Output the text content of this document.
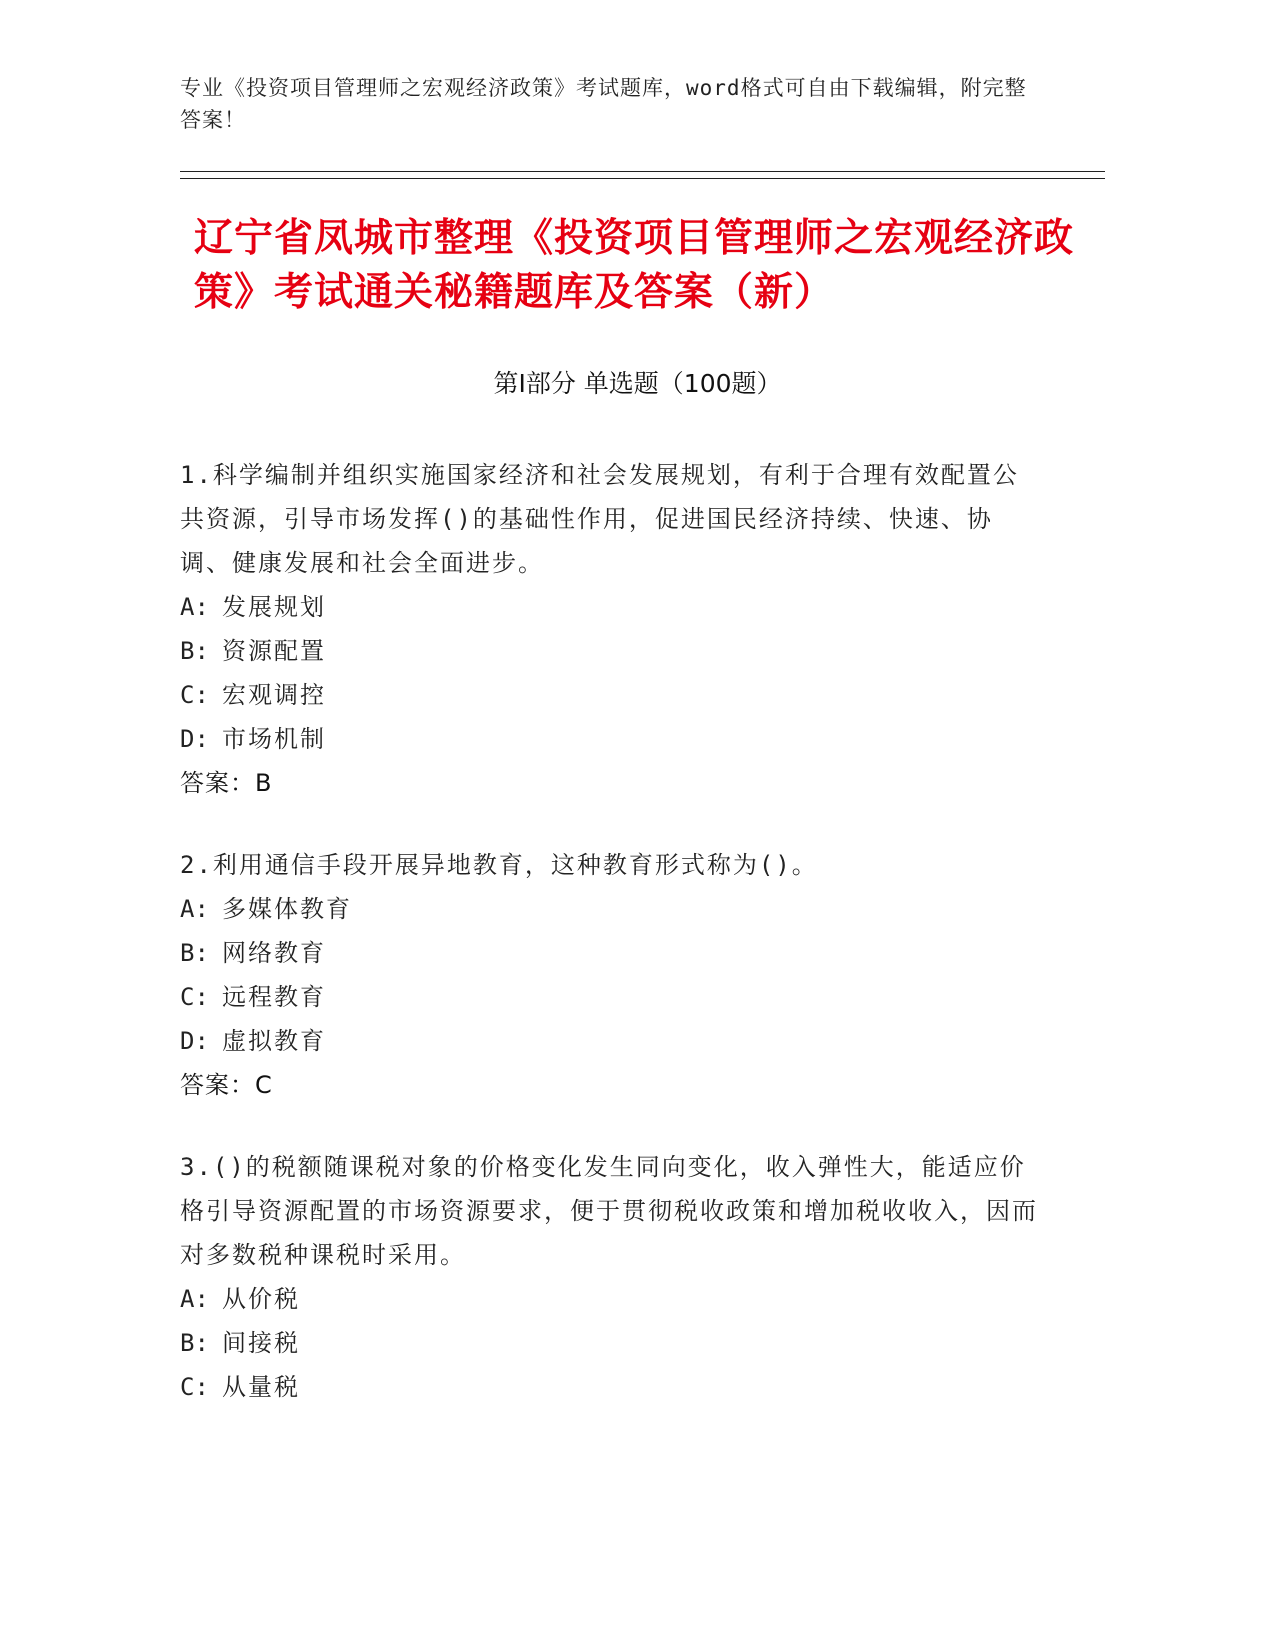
专业《投资项目管理师之宏观经济政策》考试题库，word格式可自由下载编辑，附完整答案！
辽宁省凤城市整理《投资项目管理师之宏观经济政策》考试通关秘籍题库及答案（新）
第Ⅰ部分 单选题（100题）

1.科学编制并组织实施国家经济和社会发展规划，有利于合理有效配置公共资源，引导市场发挥()的基础性作用，促进国民经济持续、快速、协调、健康发展和社会全面进步。

A: 发展规划
B: 资源配置
C: 宏观调控
D: 市场机制
答案：B

2.利用通信手段开展异地教育，这种教育形式称为()。

A: 多媒体教育
B: 网络教育
C: 远程教育
D: 虚拟教育
答案：C

3.()的税额随课税对象的价格变化发生同向变化，收入弹性大，能适应价格引导资源配置的市场资源要求，便于贯彻税收政策和增加税收收入，因而对多数税种课税时采用。

A: 从价税
B: 间接税
C: 从量税
